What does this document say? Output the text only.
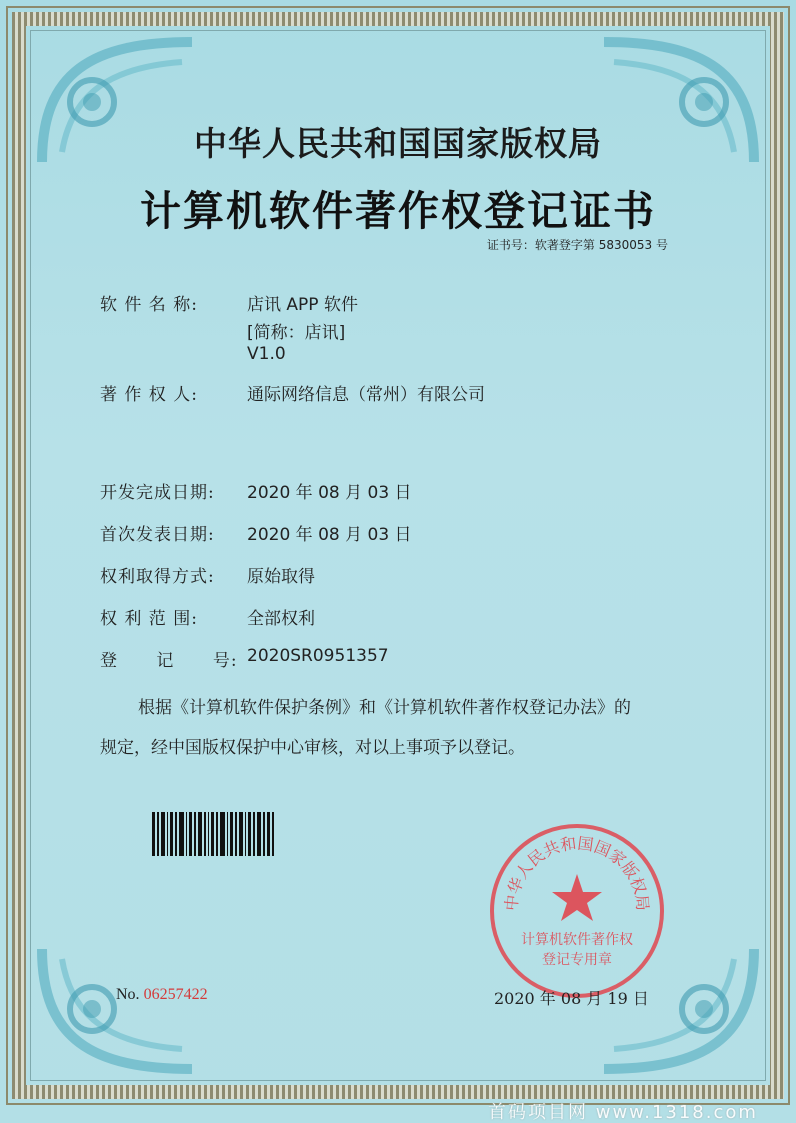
中华人民共和国国家版权局
计算机软件著作权登记证书
证书号：软著登字第 5830053 号
软 件 名 称:	店讯 APP 软件
[简称：店讯]
V1.0
著 作 权 人:	通际网络信息（常州）有限公司
开发完成日期:	2020 年 08 月 03 日
首次发表日期:	2020 年 08 月 03 日
权利取得方式:	原始取得
权 利 范 围:	全部权利
登      记      号: 2020SR0951357
根据《计算机软件保护条例》和《计算机软件著作权登记办法》的
规定，经中国版权保护中心审核，对以上事项予以登记。
中华人民共和国国家版权局
计算机软件著作权
登记专用章
No. 06257422	2020 年 08 月 19 日
首码项目网 www.1318.com
